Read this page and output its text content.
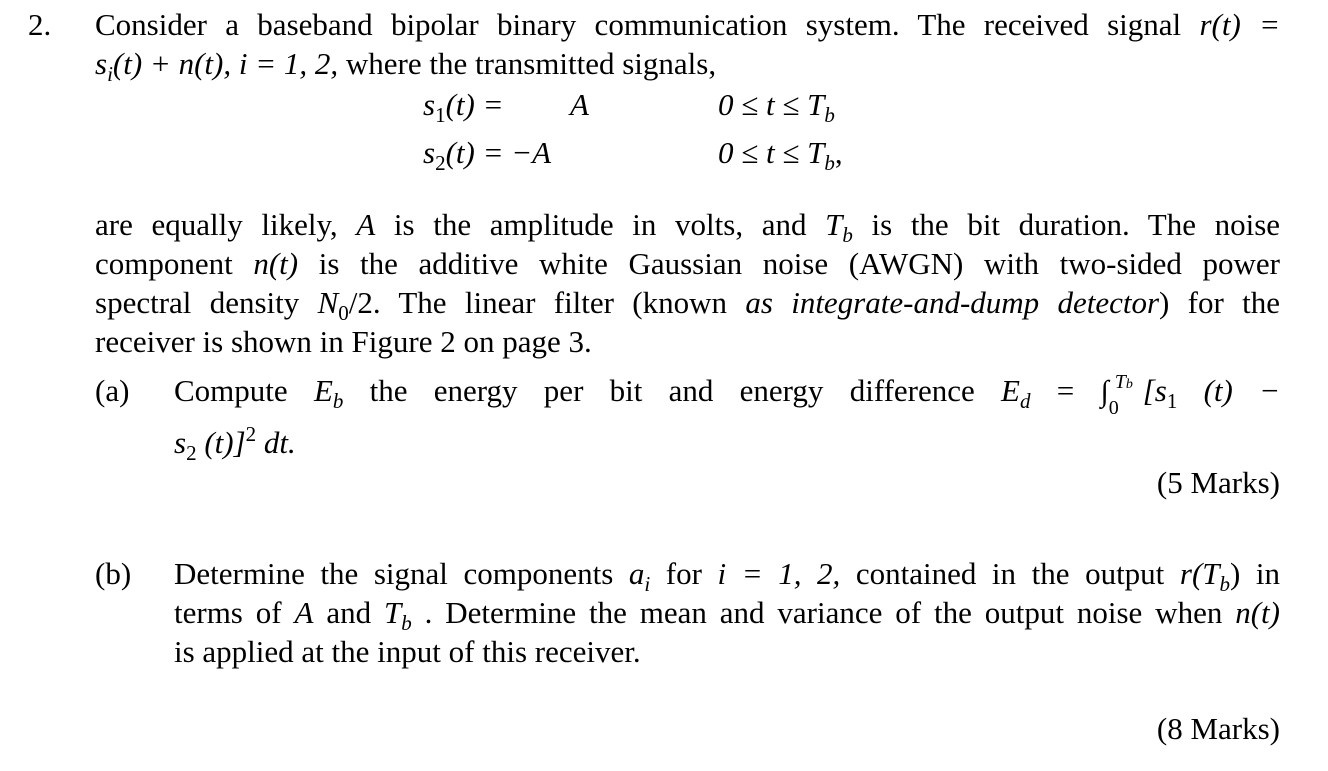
2. Consider a baseband bipolar binary communication system. The received signal r(t) =
$s_i(t) + n(t)$, i = 1, 2, where the transmitted signals,
$s_1(t) = A$	$0 \le t \le T_b$
$s_2(t) = -A$	$0 \le t \le T_b$,
are equally likely, A is the amplitude in volts, and $T_b$ is the bit duration. The noise
component n(t) is the additive white Gaussian noise (AWGN) with two-sided power
spectral density $N_0/2$. The linear filter (known as integrate-and-dump detector) for the
receiver is shown in Figure 2 on page 3.
(a) Compute $E_b$ the energy per bit and energy difference $E_d$ = ∫ Tb
0 [$s_1$ (t) −
$s_2$ (t)]$^2$ dt.
(5 Marks)
(b) Determine the signal components $a_i$ for i = 1, 2, contained in the output $r(T_b)$ in
terms of A and $T_b$ . Determine the mean and variance of the output noise when n(t)
is applied at the input of this receiver.
(8 Marks)
